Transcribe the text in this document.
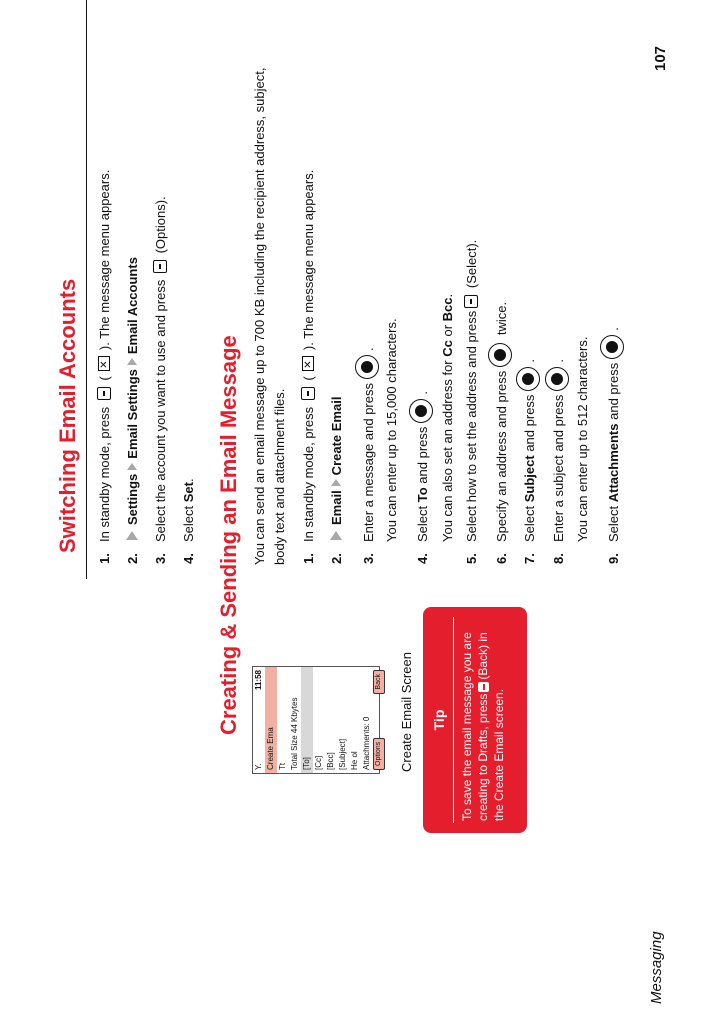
Messaging
107
Switching Email Accounts
1.In standby mode, press  ( ✕ ). The message menu appears.
2.SettingsEmail SettingsEmail Accounts
3.Select the account you want to use and press  (Options).
4.Select Set. Creating & Sending an Email Message You can send an email message up to 700 KB including the recipient address, subject, body text and attachment files. 1.In standby mode, press  ( ✕ ). The message menu appears.
2.EmailCreate Email
3.Enter a message and press. You can enter up to 15,000 characters.
4.Select To and press. You can also set an address for Cc or Bcc.
5.Select how to set the address and press (Select).
6.Specify an address and press twice.
7.Select Subject and press.
8.Enter a subject and press. You can enter up to 512 characters.
9.Select Attachments and press.
Y.
11:58
Create Ema Tt Total Size 44 Kbytes [To] [Cc] [Bcc] [Subject] He ol Attachments: 0 Options
Back Create Email Screen	Tip	To save the email message you are creating to Drafts, press(Back) in
the Create Email screen.
